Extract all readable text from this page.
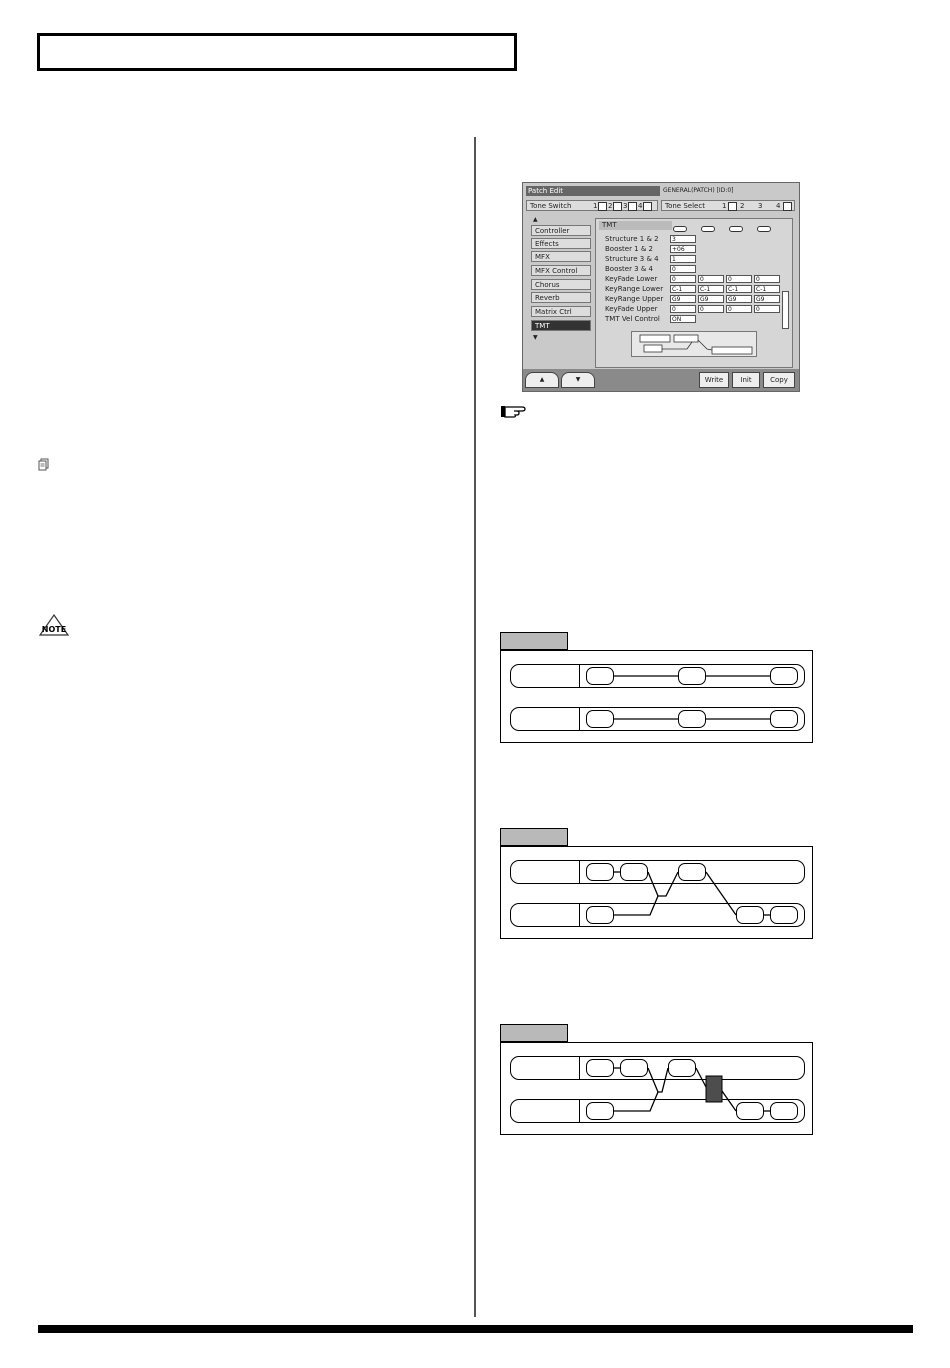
NOTE
Patch Edit	GENERAL(PATCH) [ID:0]
Tone Switch	1 2 3 4	Tone Select 1 2 3 4
▲
Controller
Effects
MFX
MFX Control
Chorus
Reverb
Matrix Ctrl
TMT
▼
TMT
Structure 1 & 2	3
Booster 1 & 2	+06
Structure 3 & 4	1
Booster 3 & 4	0
KeyFade Lower	0	0	0	0
KeyRange Lower	C-1	C-1	C-1	C-1
KeyRange Upper	G9	G9	G9	G9
KeyFade Upper	0	0	0	0
TMT Vel Control	ON
▲	▼	Write	Init	Copy
